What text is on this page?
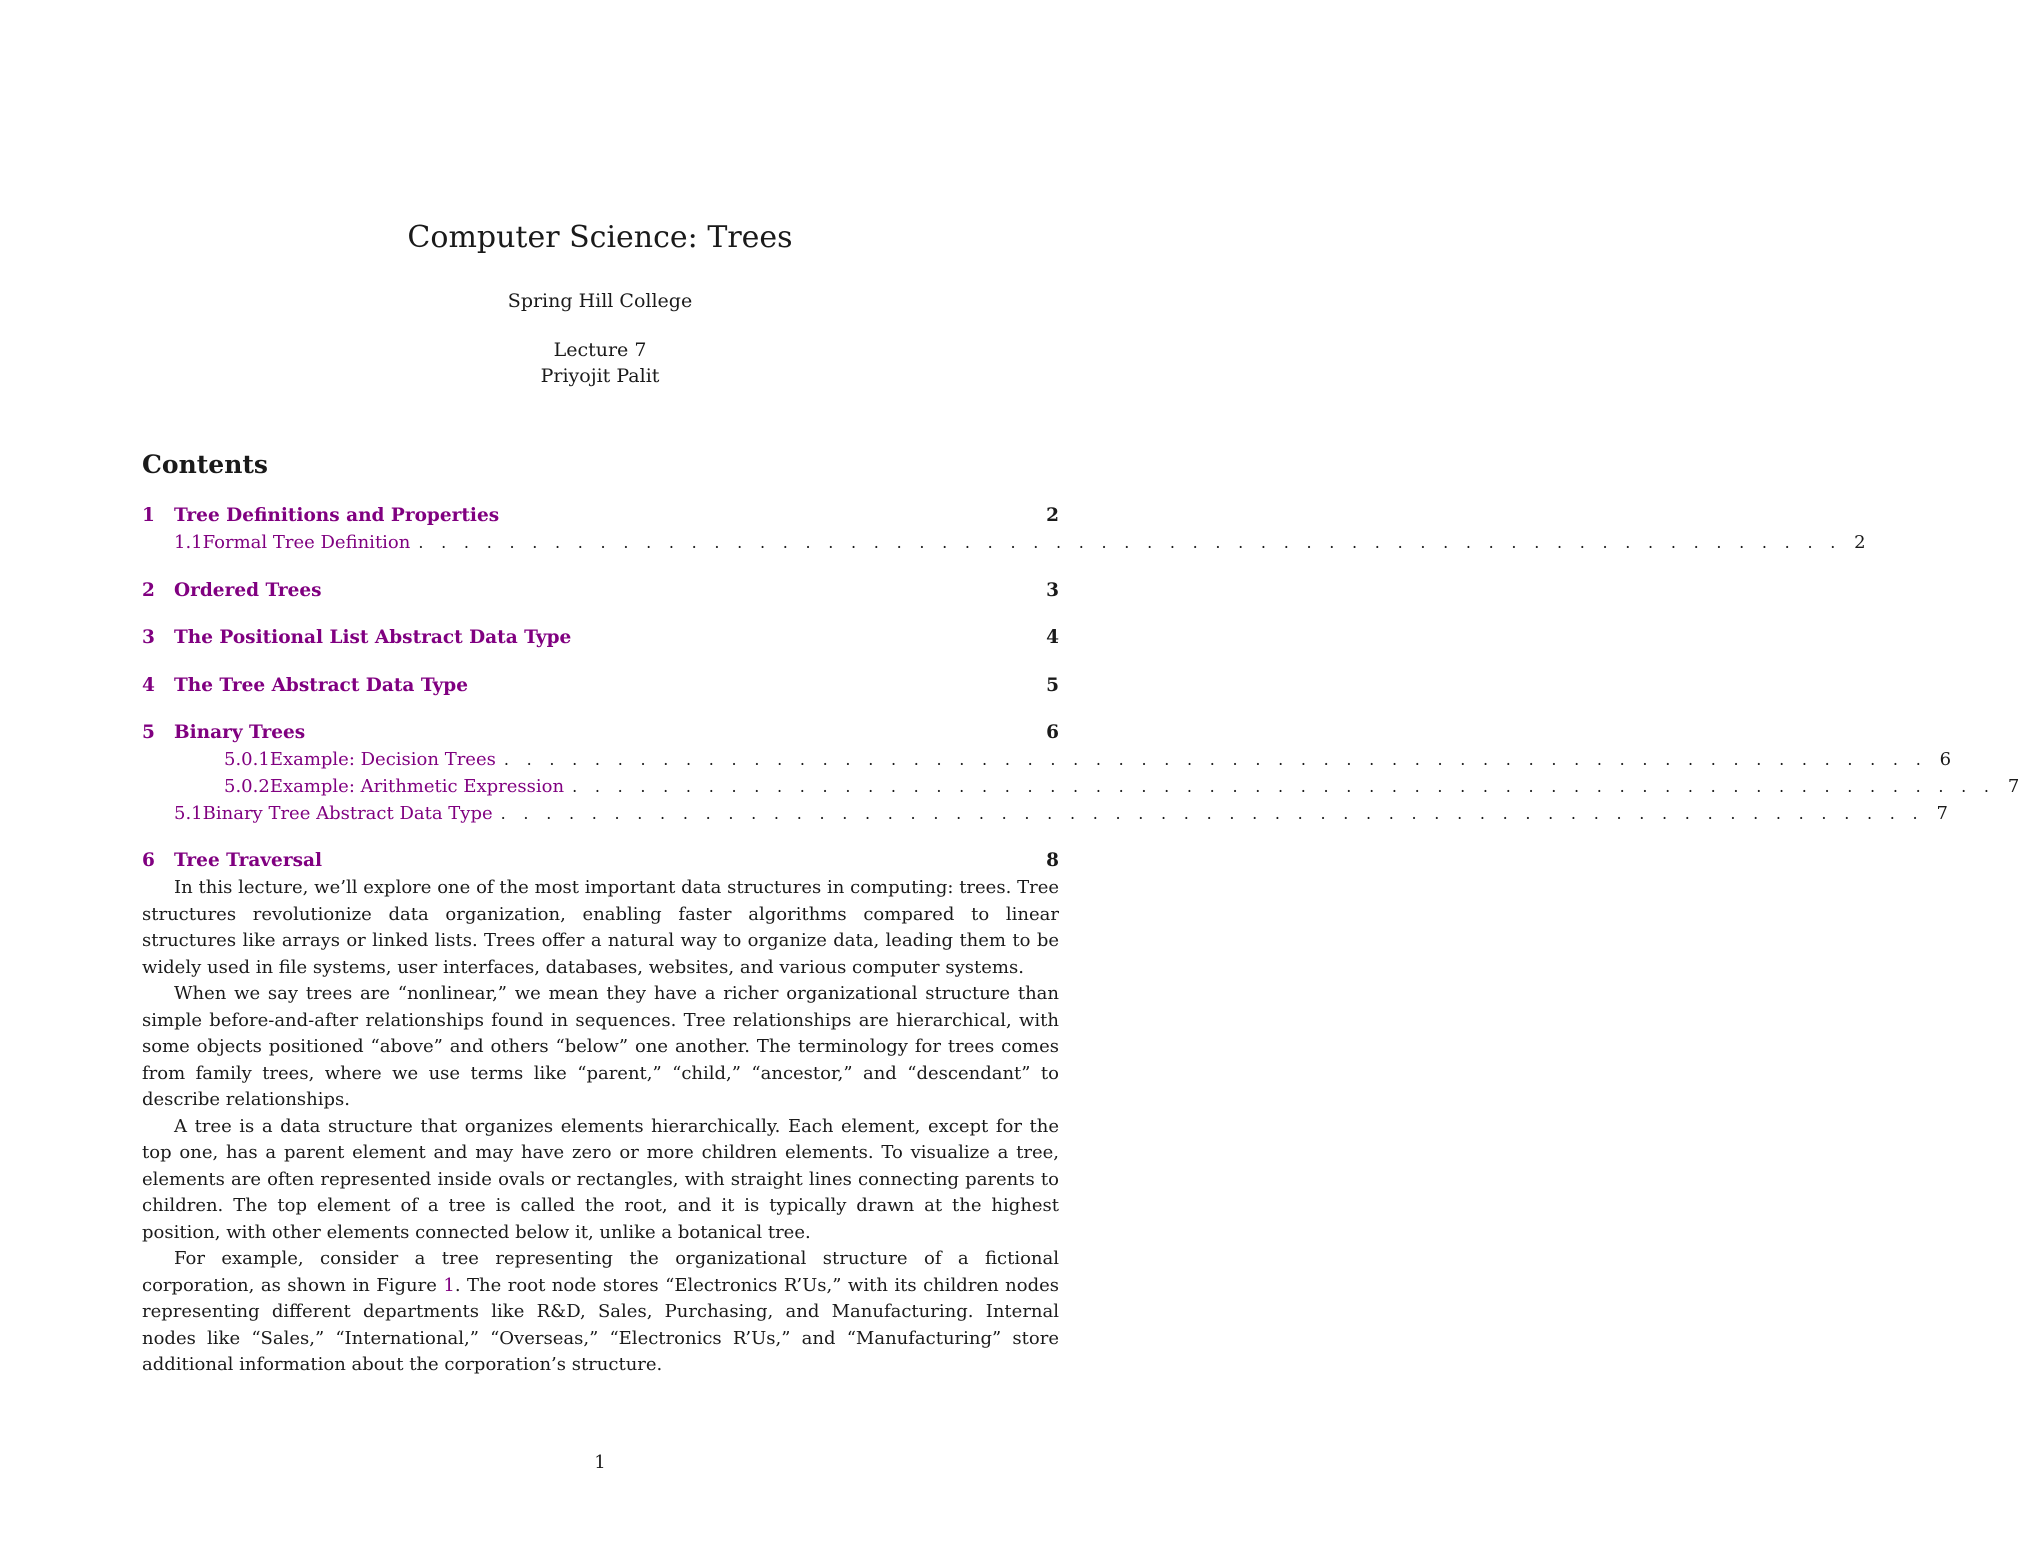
Computer Science: Trees
Spring Hill College
Lecture 7
Priyojit Palit
Contents
1	Tree Definitions and Properties	2
1.1 Formal Tree Definition . . . . . . . . . . . . . . . . . . . . . . . . . . . . . . . . . . . . . . . . . . . . . . . . . . . . . . . . . . . . . . . 2
2	Ordered Trees	3
3	The Positional List Abstract Data Type	4
4	The Tree Abstract Data Type	5
5	Binary Trees	6
5.0.1 Example: Decision Trees . . . . . . . . . . . . . . . . . . . . . . . . . . . . . . . . . . . . . . . . . . . . . . . . . . . . . . . . . . . . . . . 6
5.0.2 Example: Arithmetic Expression . . . . . . . . . . . . . . . . . . . . . . . . . . . . . . . . . . . . . . . . . . . . . . . . . . . . . . . . . . . . . . . 7
5.1 Binary Tree Abstract Data Type . . . . . . . . . . . . . . . . . . . . . . . . . . . . . . . . . . . . . . . . . . . . . . . . . . . . . . . . . . . . . . . 7
6	Tree Traversal	8

In this lecture, we’ll explore one of the most important data structures in computing: trees. Tree structures revolutionize data organization, enabling faster algorithms compared to linear structures like arrays or linked lists. Trees offer a natural way to organize data, leading them to be widely used in file systems, user interfaces, databases, websites, and various computer systems.

When we say trees are “nonlinear,” we mean they have a richer organizational structure than simple before-and-after relationships found in sequences. Tree relationships are hierarchical, with some objects positioned “above” and others “below” one another. The terminology for trees comes from family trees, where we use terms like “parent,” “child,” “ancestor,” and “descendant” to describe relationships.

A tree is a data structure that organizes elements hierarchically. Each element, except for the top one, has a parent element and may have zero or more children elements. To visualize a tree, elements are often represented inside ovals or rectangles, with straight lines connecting parents to children. The top element of a tree is called the root, and it is typically drawn at the highest position, with other elements connected below it, unlike a botanical tree.

For example, consider a tree representing the organizational structure of a fictional corporation, as shown in Figure 1. The root node stores “Electronics R’Us,” with its children nodes representing different departments like R&D, Sales, Purchasing, and Manufacturing. Internal nodes like “Sales,” “International,” “Overseas,” “Electronics R’Us,” and “Manufacturing” store additional information about the corporation’s structure.

1
